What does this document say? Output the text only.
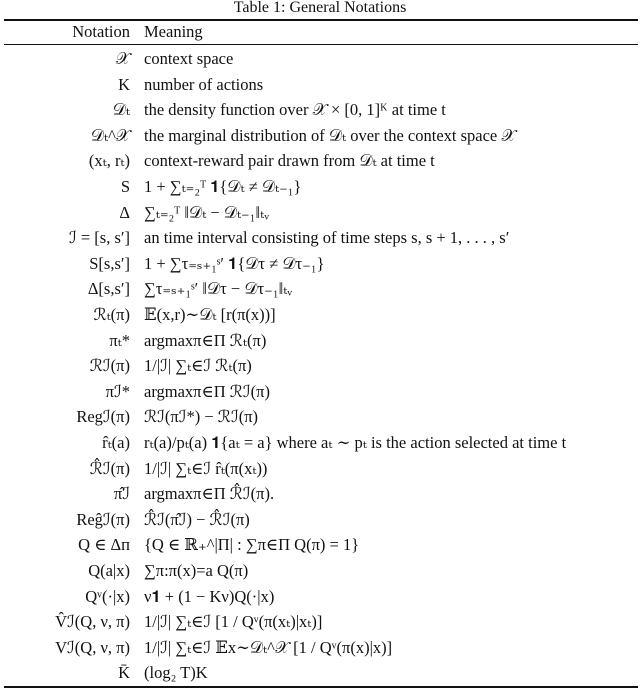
Table 1: General Notations
Notation Meaning
𝒳 context space
K number of actions
𝒟ₜ the density function over 𝒳 × [0, 1]ᴷ at time t
𝒟ₜ^𝒳 the marginal distribution of 𝒟ₜ over the context space 𝒳
(xₜ, rₜ) context-reward pair drawn from 𝒟ₜ at time t
S 1 + ∑ₜ₌₂ᵀ 𝟏{𝒟ₜ ≠ 𝒟ₜ₋₁}
Δ ∑ₜ₌₂ᵀ ‖𝒟ₜ − 𝒟ₜ₋₁‖ₜᵥ
ℐ = [s, s′] an time interval consisting of time steps s, s + 1, . . . , s′
S[s,s′] 1 + ∑τ₌ₛ₊₁ˢ′ 𝟏{𝒟τ ≠ 𝒟τ₋₁}
Δ[s,s′] ∑τ₌ₛ₊₁ˢ′ ‖𝒟τ − 𝒟τ₋₁‖ₜᵥ
ℛₜ(π) 𝔼(x,r)∼𝒟ₜ [r(π(x))]
πₜ* argmaxπ∈Π ℛₜ(π)
ℛℐ(π) 1/|ℐ| ∑ₜ∈ℐ ℛₜ(π)
πℐ* argmaxπ∈Π ℛℐ(π)
Regℐ(π) ℛℐ(πℐ*) − ℛℐ(π)
r̂ₜ(a) rₜ(a)/pₜ(a) 𝟏{aₜ = a} where aₜ ∼ pₜ is the action selected at time t
ℛ̂ℐ(π) 1/|ℐ| ∑ₜ∈ℐ r̂ₜ(π(xₜ))
π̂ℐ argmaxπ∈Π ℛ̂ℐ(π).
Reĝℐ(π) ℛ̂ℐ(π̂ℐ) − ℛ̂ℐ(π)
Q ∈ Δᴨ {Q ∈ ℝ₊^|Π| : ∑π∈Π Q(π) = 1}
Q(a|x) ∑π:π(x)=a Q(π)
Qᵛ(·|x) ν𝟏 + (1 − Kν)Q(·|x)
V̂ℐ(Q, ν, π) 1/|ℐ| ∑ₜ∈ℐ [1 / Qᵛ(π(xₜ)|xₜ)]
Vℐ(Q, ν, π) 1/|ℐ| ∑ₜ∈ℐ 𝔼x∼𝒟ₜ^𝒳 [1 / Qᵛ(π(x)|x)]
K̄ (log₂ T)K
